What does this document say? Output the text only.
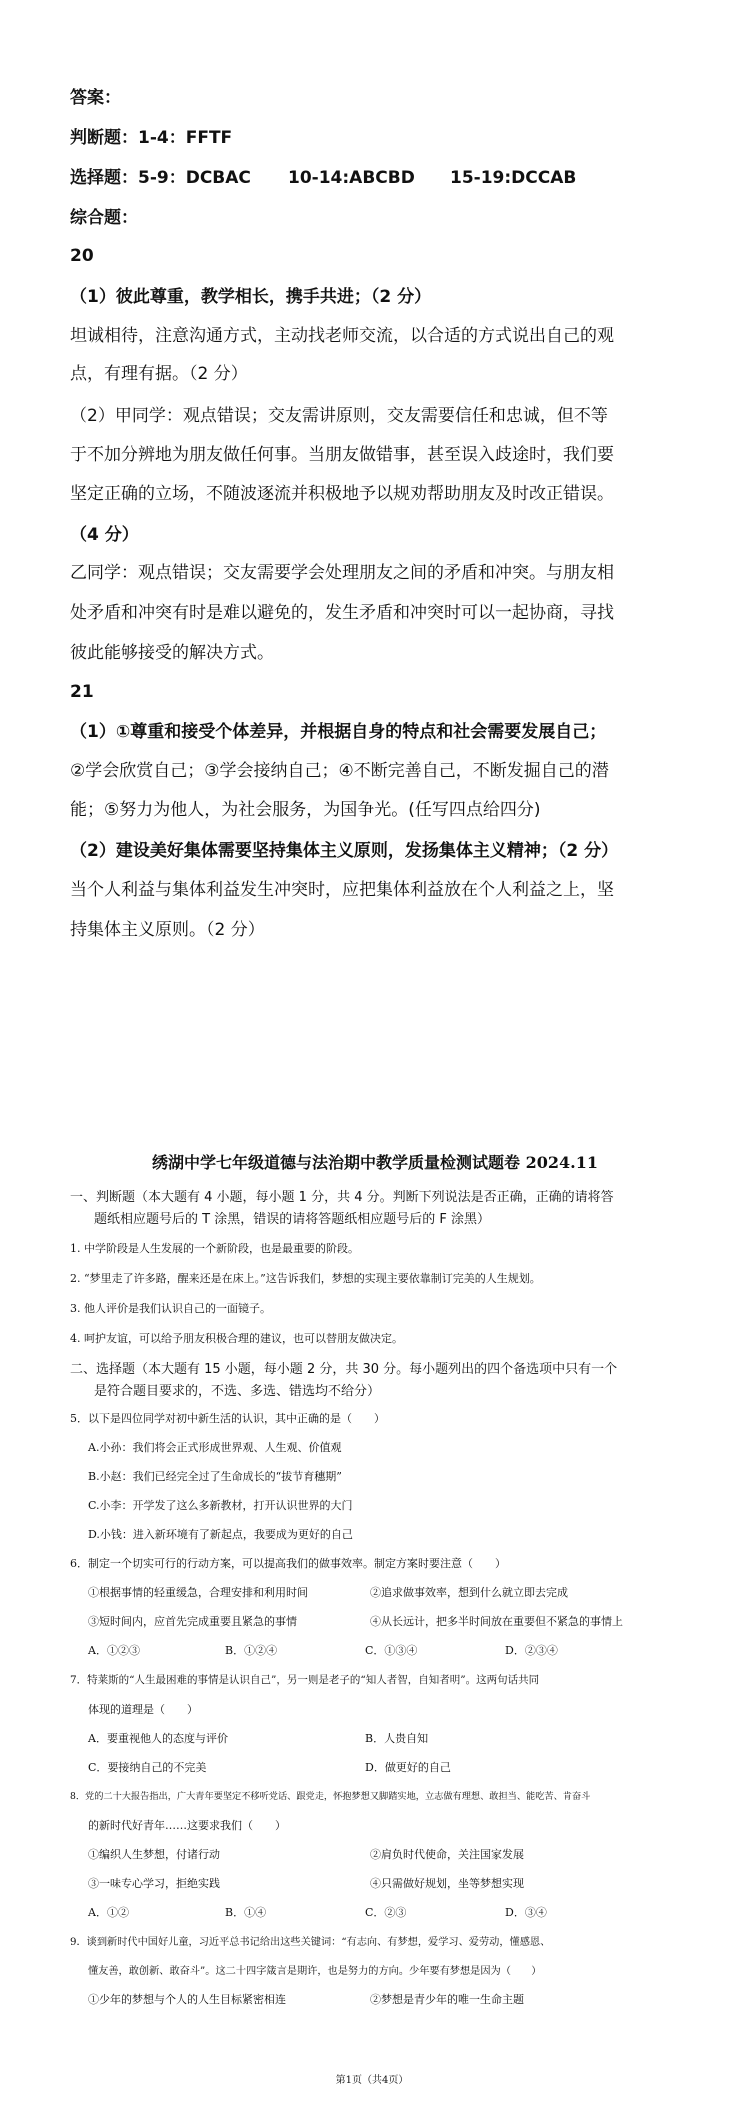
答案：
判断题：1-4：FFTF
选择题：5-9：DCBAC 10-14:ABCBD 15-19:DCCAB
综合题：
20
（1）彼此尊重，教学相长，携手共进；（2 分）
坦诚相待，注意沟通方式，主动找老师交流，以合适的方式说出自己的观
点，有理有据。（2 分）
（2）甲同学：观点错误；交友需讲原则，交友需要信任和忠诚，但不等
于不加分辨地为朋友做任何事。当朋友做错事，甚至误入歧途时，我们要
坚定正确的立场，不随波逐流并积极地予以规劝帮助朋友及时改正错误。
（4 分）
乙同学：观点错误；交友需要学会处理朋友之间的矛盾和冲突。与朋友相
处矛盾和冲突有时是难以避免的，发生矛盾和冲突时可以一起协商，寻找
彼此能够接受的解决方式。
21
（1）①尊重和接受个体差异，并根据自身的特点和社会需要发展自己；
②学会欣赏自己；③学会接纳自己；④不断完善自己，不断发掘自己的潜
能；⑤努力为他人，为社会服务，为国争光。(任写四点给四分)
（2）建设美好集体需要坚持集体主义原则，发扬集体主义精神；（2 分）
当个人利益与集体利益发生冲突时，应把集体利益放在个人利益之上，坚
持集体主义原则。（2 分）
绣湖中学七年级道德与法治期中教学质量检测试题卷 2024.11
一、判断题（本大题有 4 小题，每小题 1 分，共 4 分。判断下列说法是否正确，正确的请将答
题纸相应题号后的 T 涂黑，错误的请将答题纸相应题号后的 F 涂黑）
1. 中学阶段是人生发展的一个新阶段，也是最重要的阶段。
2. “梦里走了许多路，醒来还是在床上。”这告诉我们，梦想的实现主要依靠制订完美的人生规划。
3. 他人评价是我们认识自己的一面镜子。
4. 呵护友谊，可以给予朋友积极合理的建议，也可以替朋友做决定。
二、选择题（本大题有 15 小题，每小题 2 分，共 30 分。每小题列出的四个备选项中只有一个
是符合题目要求的，不选、多选、错选均不给分）
5．以下是四位同学对初中新生活的认识，其中正确的是（　　）
A.小孙：我们将会正式形成世界观、人生观、价值观
B.小赵：我们已经完全过了生命成长的“拔节育穗期”
C.小李：开学发了这么多新教材，打开认识世界的大门
D.小钱：进入新环境有了新起点，我要成为更好的自己
6．制定一个切实可行的行动方案，可以提高我们的做事效率。制定方案时要注意（　　）
①根据事情的轻重缓急，合理安排和利用时间	②追求做事效率，想到什么就立即去完成
③短时间内，应首先完成重要且紧急的事情	④从长远计，把多半时间放在重要但不紧急的事情上
A．①②③	B．①②④	C．①③④	D．②③④
7．特莱斯的“人生最困难的事情是认识自己”，另一则是老子的“知人者智，自知者明”。这两句话共同
体现的道理是（　　）
A．要重视他人的态度与评价	B．人贵自知
C．要接纳自己的不完美	D．做更好的自己
8．党的二十大报告指出，广大青年要坚定不移听党话、跟党走，怀抱梦想又脚踏实地，立志做有理想、敢担当、能吃苦、肯奋斗
的新时代好青年……这要求我们（　　）
①编织人生梦想，付诸行动	②肩负时代使命，关注国家发展
③一味专心学习，拒绝实践	④只需做好规划，坐等梦想实现
A．①②	B．①④	C．②③	D．③④
9．谈到新时代中国好儿童，习近平总书记给出这些关键词：“有志向、有梦想，爱学习、爱劳动，懂感恩、
懂友善，敢创新、敢奋斗”。这二十四字箴言是期许，也是努力的方向。少年要有梦想是因为（　　）
①少年的梦想与个人的人生目标紧密相连	②梦想是青少年的唯一生命主题
第1页（共4页）
